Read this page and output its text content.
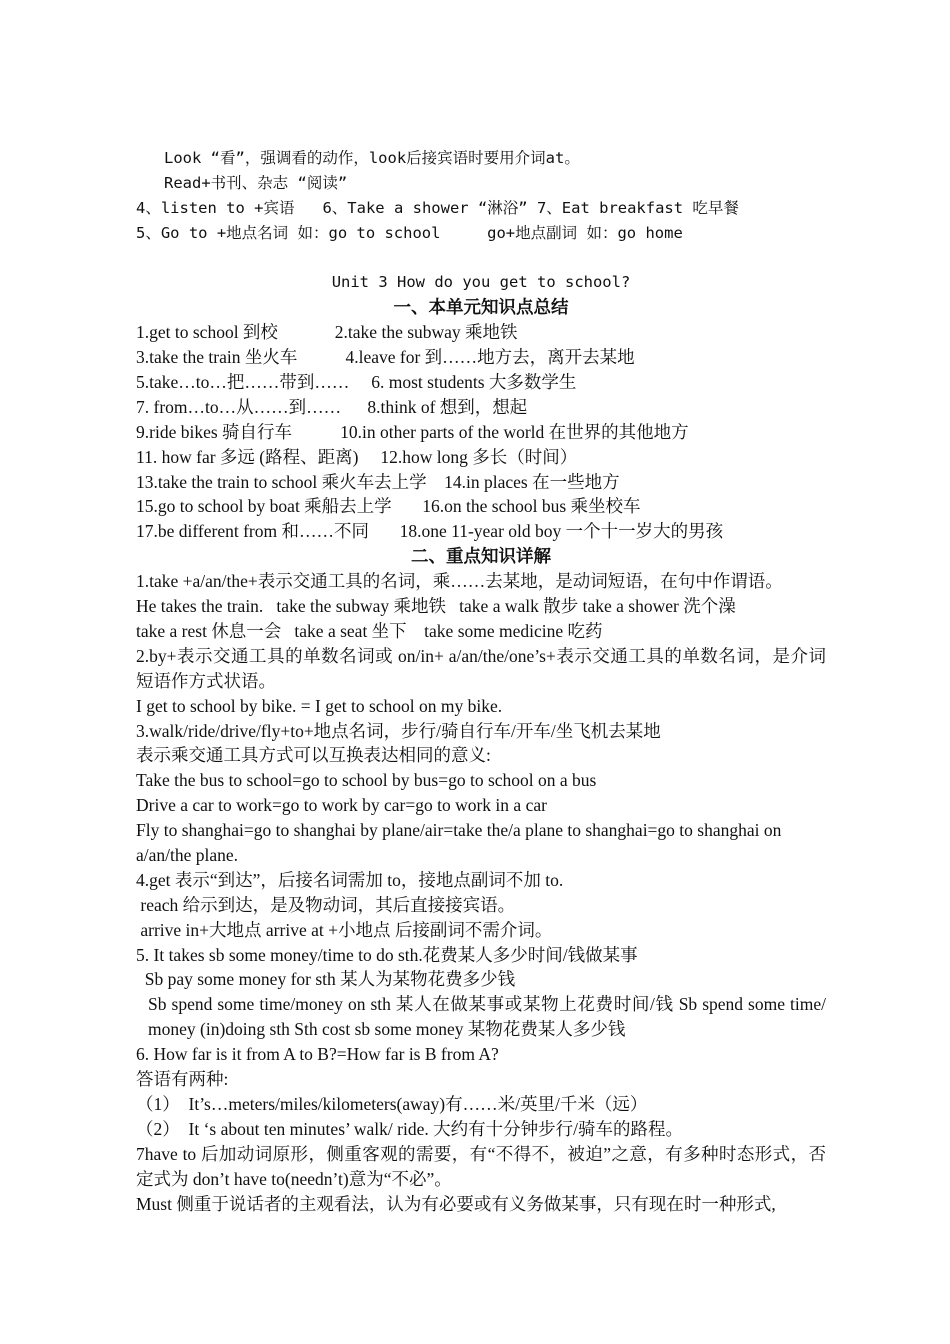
Look “看”，强调看的动作，look后接宾语时要用介词at。
Read+书刊、杂志 “阅读”
4、listen to +宾语   6、Take a shower “淋浴” 7、Eat breakfast 吃早餐
5、Go to +地点名词 如：go to school     go+地点副词 如：go home
Unit 3 How do you get to school?
一、本单元知识点总结
1.get to school 到校             2.take the subway 乘地铁
3.take the train 坐火车           4.leave for 到……地方去，离开去某地
5.take…to…把……带到……     6. most students 大多数学生
7. from…to…从……到……      8.think of 想到，想起
9.ride bikes 骑自行车           10.in other parts of the world 在世界的其他地方
11. how far 多远 (路程、距离)     12.how long 多长（时间）
13.take the train to school 乘火车去上学    14.in places 在一些地方
15.go to school by boat 乘船去上学       16.on the school bus 乘坐校车
17.be different from 和……不同       18.one 11-year old boy 一个十一岁大的男孩
二、重点知识详解
1.take +a/an/the+表示交通工具的名词，乘……去某地，是动词短语，在句中作谓语。
He takes the train.   take the subway 乘地铁   take a walk 散步 take a shower 洗个澡
take a rest 休息一会   take a seat 坐下    take some medicine 吃药
2.by+表示交通工具的单数名词或 on/in+ a/an/the/one’s+表示交通工具的单数名词，是介词短语作方式状语。
I get to school by bike. = I get to school on my bike.
3.walk/ride/drive/fly+to+地点名词，步行/骑自行车/开车/坐飞机去某地
表示乘交通工具方式可以互换表达相同的意义:
Take the bus to school=go to school by bus=go to school on a bus
Drive a car to work=go to work by car=go to work in a car
Fly to shanghai=go to shanghai by plane/air=take the/a plane to shanghai=go to shanghai on a/an/the plane.
4.get 表示“到达”，后接名词需加 to，接地点副词不加 to.
reach 给示到达，是及物动词，其后直接接宾语。
arrive in+大地点 arrive at +小地点 后接副词不需介词。
5. It takes sb some money/time to do sth.花费某人多少时间/钱做某事
Sb pay some money for sth 某人为某物花费多少钱
Sb spend some time/money on sth 某人在做某事或某物上花费时间/钱 Sb spend some time/ money (in)doing sth Sth cost sb some money 某物花费某人多少钱
6. How far is it from A to B?=How far is B from A?
答语有两种:
（1）  It’s…meters/miles/kilometers(away)有……米/英里/千米（远）
（2）  It ‘s about ten minutes’ walk/ ride. 大约有十分钟步行/骑车的路程。
7have to 后加动词原形，侧重客观的需要，有“不得不，被迫”之意，有多种时态形式，否定式为 don’t have to(needn’t)意为“不必”。
Must 侧重于说话者的主观看法，认为有必要或有义务做某事，只有现在时一种形式,
